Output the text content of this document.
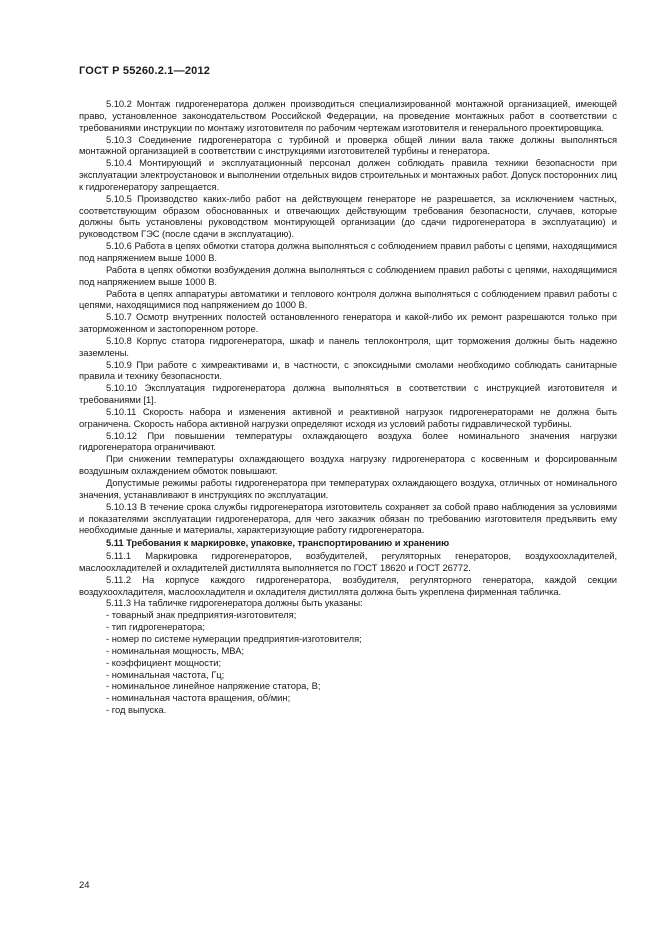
ГОСТ Р 55260.2.1—2012

5.10.2 Монтаж гидрогенератора должен производиться специализированной монтажной организацией, имеющей право, установленное законодательством Российской Федерации, на проведение монтажных работ в соответствии с требованиями инструкции по монтажу изготовителя по рабочим чертежам изготовителя и генерального проектировщика.

5.10.3 Соединение гидрогенератора с турбиной и проверка общей линии вала также должны выполняться монтажной организацией в соответствии с инструкциями изготовителей турбины и генератора.

5.10.4 Монтирующий и эксплуатационный персонал должен соблюдать правила техники безопасности при эксплуатации электроустановок и выполнении отдельных видов строительных и монтажных работ. Допуск посторонних лиц к гидрогенератору запрещается.

5.10.5 Производство каких-либо работ на действующем генераторе не разрешается, за исключением частных, соответствующим образом обоснованных и отвечающих действующим требования безопасности, случаев, которые должны быть установлены руководством монтирующей организации (до сдачи гидрогенератора в эксплуатацию) и руководством ГЭС (после сдачи в эксплуатацию).

5.10.6 Работа в цепях обмотки статора должна выполняться с соблюдением правил работы с цепями, находящимися под напряжением выше 1000 В.

Работа в цепях обмотки возбуждения должна выполняться с соблюдением правил работы с цепями, находящимися под напряжением выше 1000 В.

Работа в цепях аппаратуры автоматики и теплового контроля должна выполняться с соблюдением правил работы с цепями, находящимися под напряжением до 1000 В.

5.10.7 Осмотр внутренних полостей остановленного генератора и какой-либо их ремонт разрешаются только при заторможенном и застопоренном роторе.

5.10.8 Корпус статора гидрогенератора, шкаф и панель теплоконтроля, щит торможения должны быть надежно заземлены.

5.10.9 При работе с химреактивами и, в частности, с эпоксидными смолами необходимо соблюдать санитарные правила и технику безопасности.

5.10.10 Эксплуатация гидрогенератора должна выполняться в соответствии с инструкцией изготовителя и требованиями [1].

5.10.11 Скорость набора и изменения активной и реактивной нагрузок гидрогенераторами не должна быть ограничена. Скорость набора активной нагрузки определяют исходя из условий работы гидравлической турбины.

5.10.12 При повышении температуры охлаждающего воздуха более номинального значения нагрузки гидрогенератора ограничивают.

При снижении температуры охлаждающего воздуха нагрузку гидрогенератора с косвенным и форсированным воздушным охлаждением обмоток повышают.

Допустимые режимы работы гидрогенератора при температурах охлаждающего воздуха, отличных от номинального значения, устанавливают в инструкциях по эксплуатации.

5.10.13 В течение срока службы гидрогенератора изготовитель сохраняет за собой право наблюдения за условиями и показателями эксплуатации гидрогенератора, для чего заказчик обязан по требованию изготовителя предъявить ему необходимые данные и материалы, характеризующие работу гидрогенератора.

5.11 Требования к маркировке, упаковке, транспортированию и хранению

5.11.1 Маркировка гидрогенераторов, возбудителей, регуляторных генераторов, воздухоохладителей, маслоохладителей и охладителей дистиллята выполняется по ГОСТ 18620 и ГОСТ 26772.

5.11.2 На корпусе каждого гидрогенератора, возбудителя, регуляторного генератора, каждой секции воздухоохладителя, маслоохладителя и охладителя дистиллята должна быть укреплена фирменная табличка.

5.11.3 На табличке гидрогенератора должны быть указаны:

- товарный знак предприятия-изготовителя;

- тип гидрогенератора;

- номер по системе нумерации предприятия-изготовителя;

- номинальная мощность, МВА;

- коэффициент мощности;

- номинальная частота, Гц;

- номинальное линейное напряжение статора, В;

- номинальная частота вращения, об/мин;

- год выпуска.

24
